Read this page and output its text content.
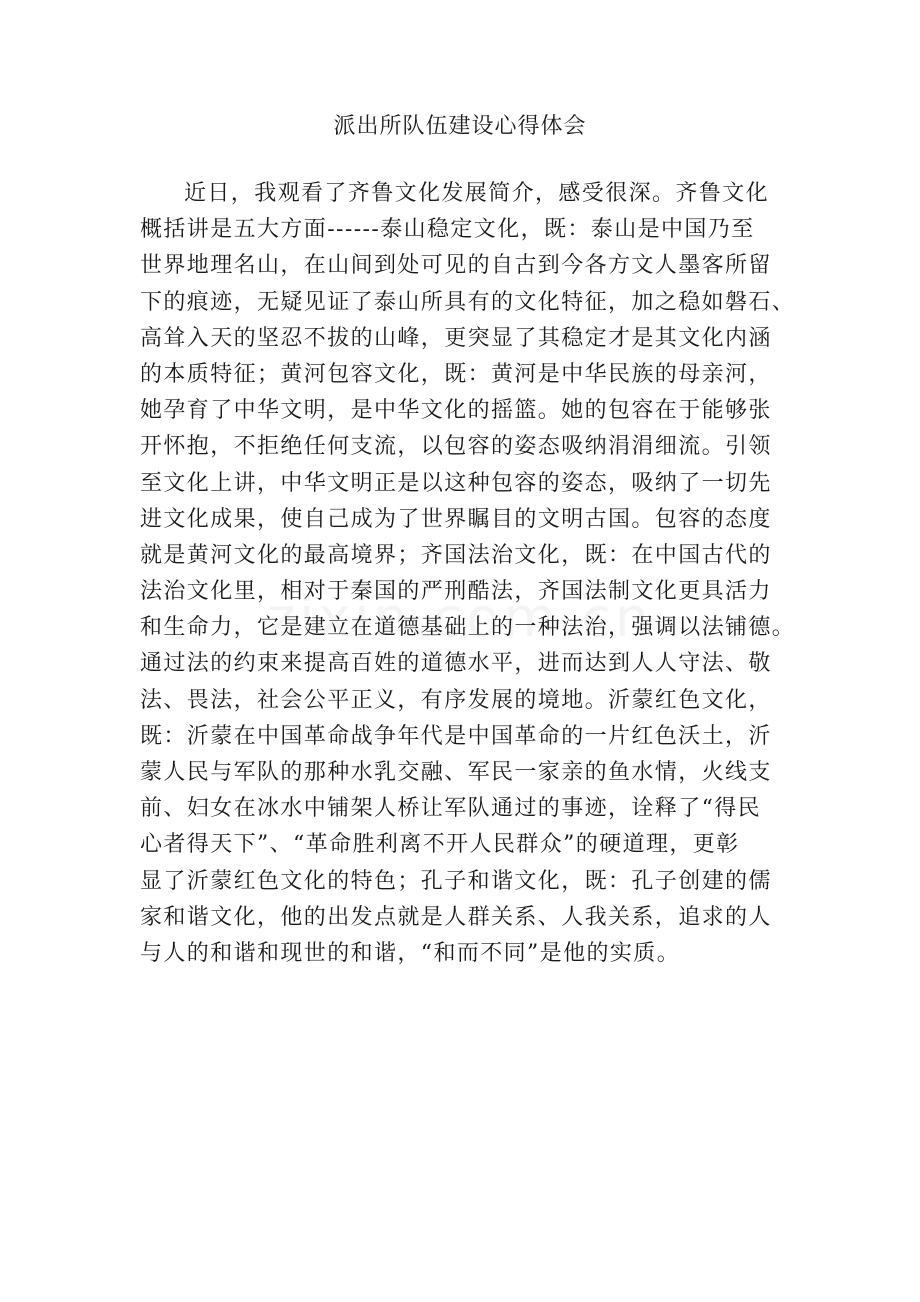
派出所队伍建设心得体会
近日，我观看了齐鲁文化发展简介，感受很深。齐鲁文化
概括讲是五大方面------泰山稳定文化，既：泰山是中国乃至
世界地理名山，在山间到处可见的自古到今各方文人墨客所留
下的痕迹，无疑见证了泰山所具有的文化特征，加之稳如磐石、
高耸入天的坚忍不拔的山峰，更突显了其稳定才是其文化内涵
的本质特征；黄河包容文化，既：黄河是中华民族的母亲河，
她孕育了中华文明，是中华文化的摇篮。她的包容在于能够张
开怀抱，不拒绝任何支流，以包容的姿态吸纳涓涓细流。引领
至文化上讲，中华文明正是以这种包容的姿态，吸纳了一切先
进文化成果，使自己成为了世界瞩目的文明古国。包容的态度
就是黄河文化的最高境界；齐国法治文化，既：在中国古代的
法治文化里，相对于秦国的严刑酷法，齐国法制文化更具活力
和生命力，它是建立在道德基础上的一种法治，强调以法铺德。
通过法的约束来提高百姓的道德水平，进而达到人人守法、敬
法、畏法，社会公平正义，有序发展的境地。沂蒙红色文化，
既：沂蒙在中国革命战争年代是中国革命的一片红色沃土，沂
蒙人民与军队的那种水乳交融、军民一家亲的鱼水情，火线支
前、妇女在冰水中铺架人桥让军队通过的事迹，诠释了“得民
心者得天下”、“革命胜利离不开人民群众”的硬道理，更彰
显了沂蒙红色文化的特色；孔子和谐文化，既：孔子创建的儒
家和谐文化，他的出发点就是人群关系、人我关系，追求的人
与人的和谐和现世的和谐，“和而不同”是他的实质。
